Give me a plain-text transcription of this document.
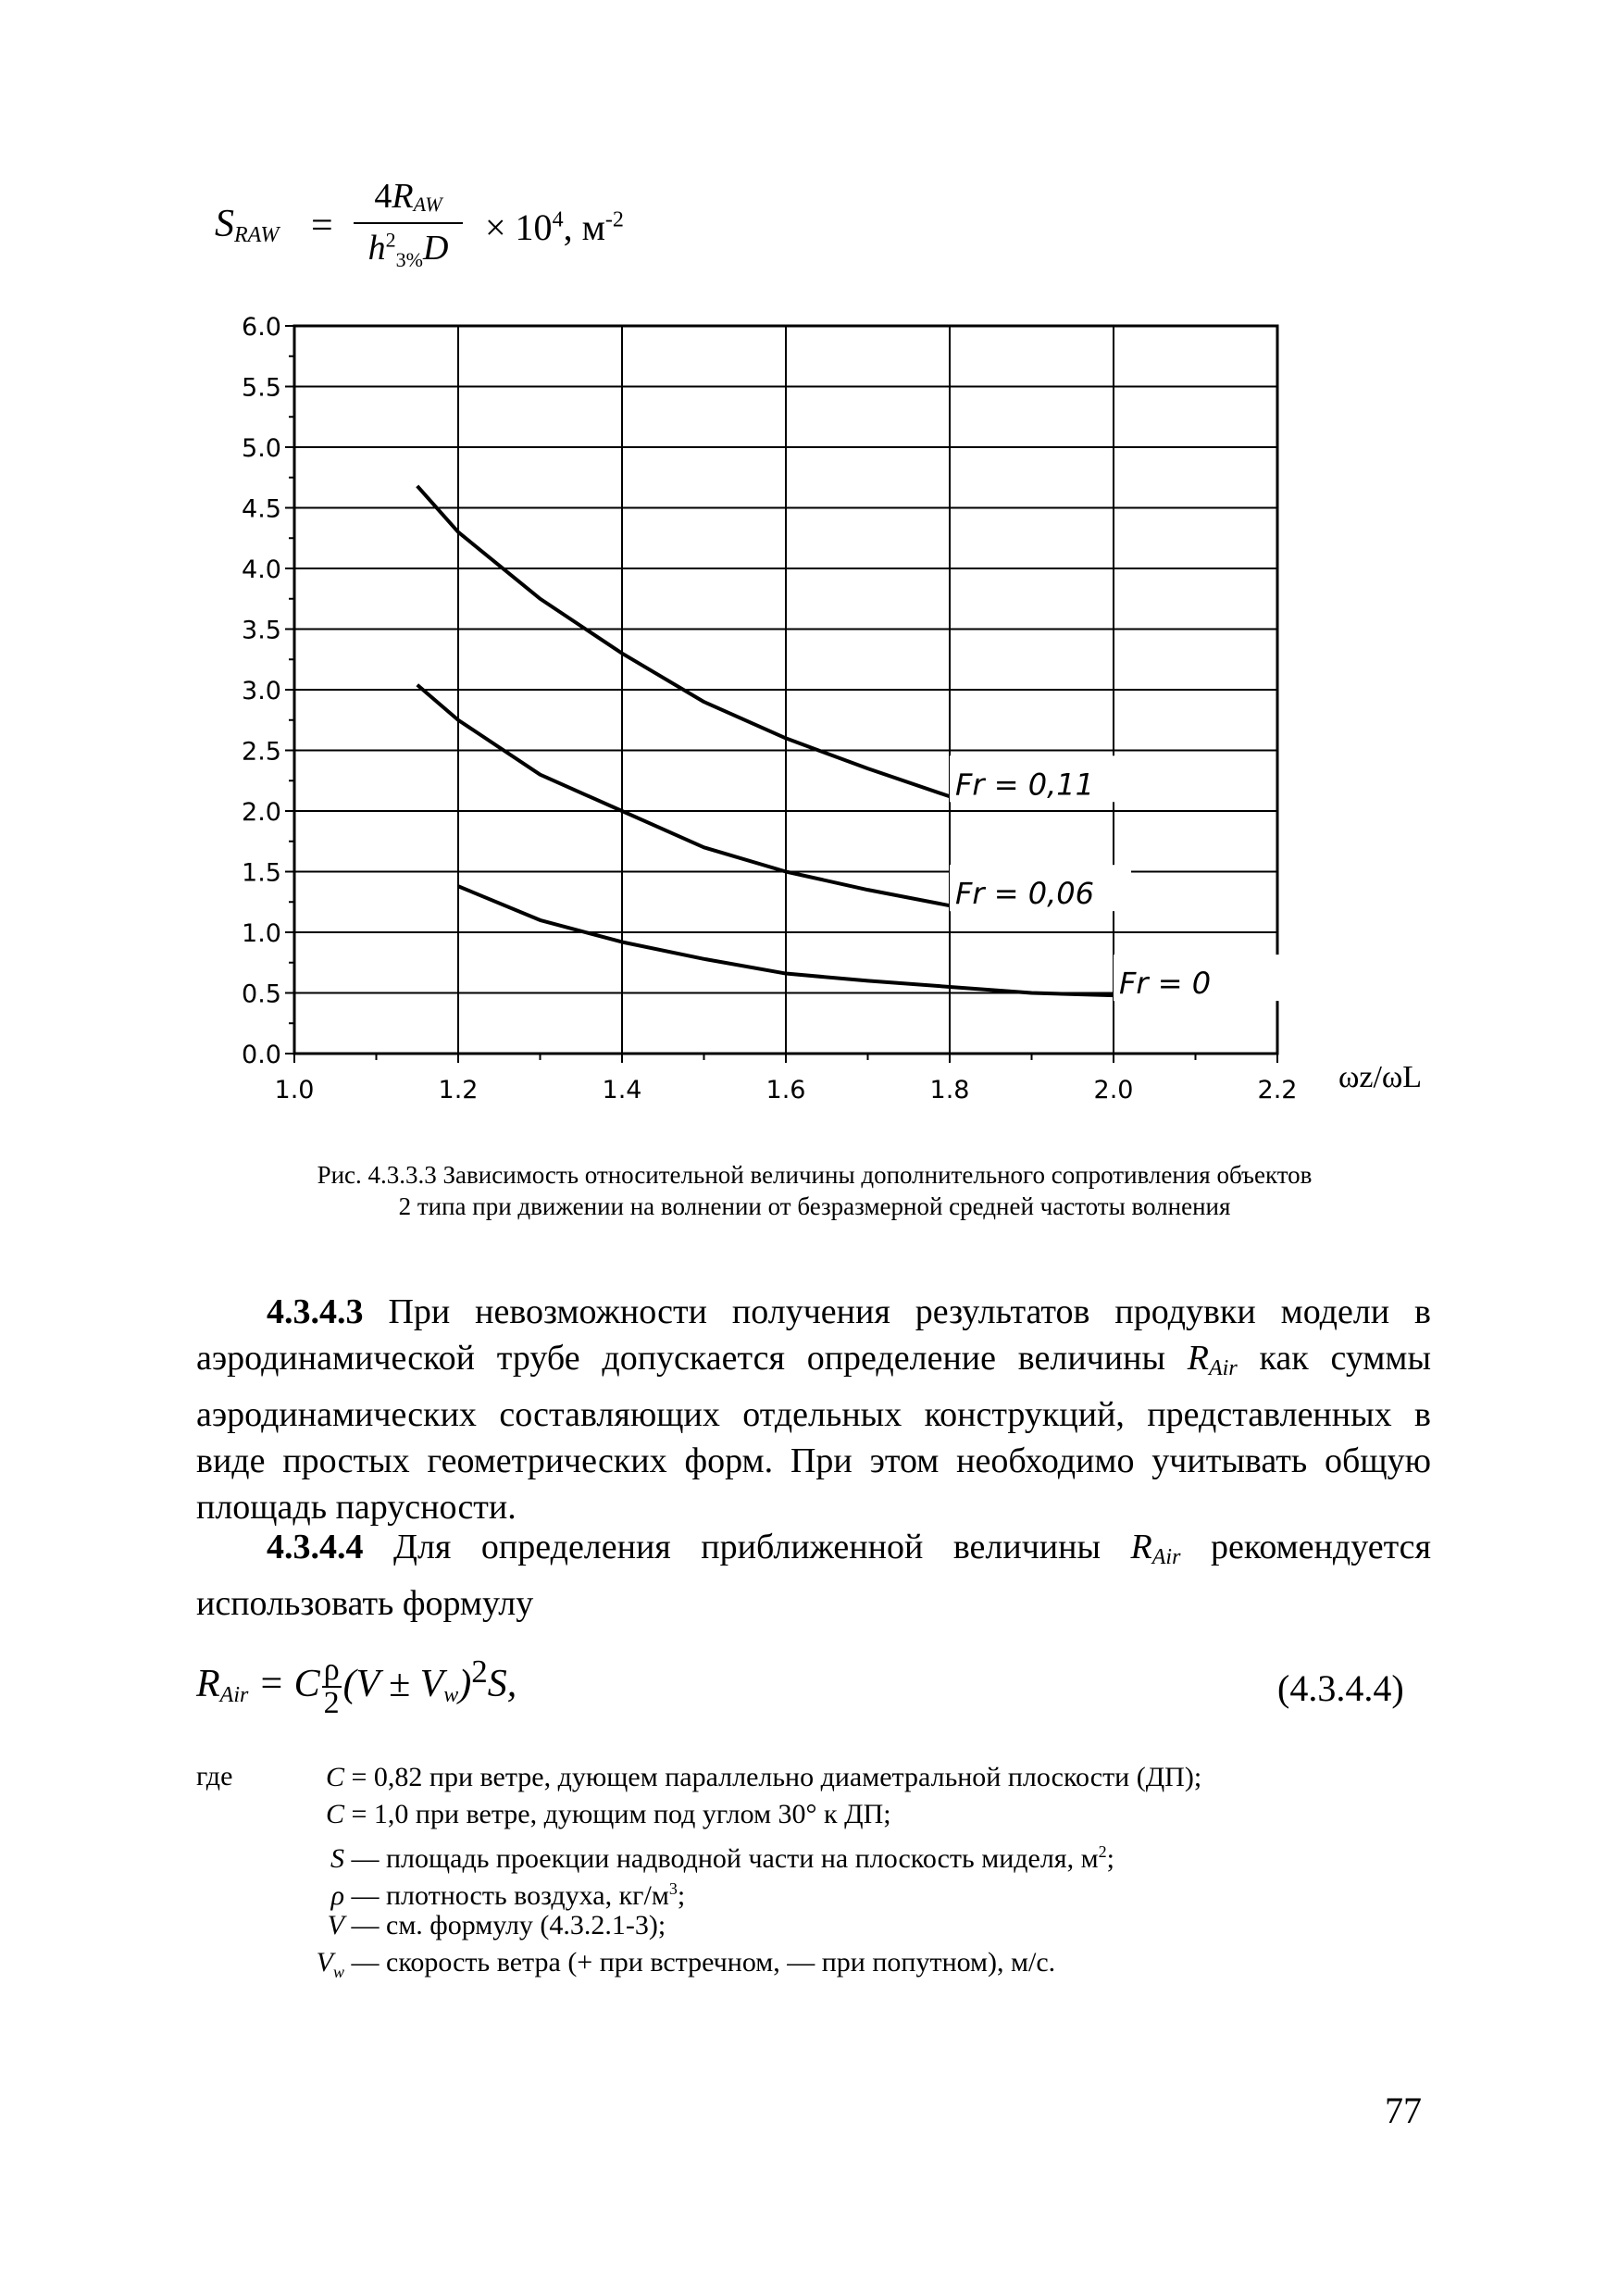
$S_{RAW}$ =
$4R_{AW}$
$h^2_{3\%}D \times 10^4$, $м^{-2}$
0.0
0.5
1.0
1.5
2.0
2.5
3.0
3.5
4.0
4.5
5.0
5.5
6.0
1.0	1.2	1.4	1.6	1.8	2.0	2.2 ωz/ωL
Fr = 0,11
Fr = 0,06
Fr = 0
Рис. 4.3.3.3 Зависимость относительной величины дополнительного сопротивления объектов
2 типа при движении на волнении от безразмерной средней частоты волнения
4.3.4.3 При невозможности получения результатов продувки модели в аэродинамической трубе допускается определение величины $R_{Air}$ как суммы аэродинамических составляющих отдельных конструкций, представленных в виде простых геометрических форм. При этом необходимо учитывать общую площадь парусности.
4.3.4.4 Для определения приближенной величины $R_{Air}$ рекомендуется использовать формулу
$R_{Air} = C \frac{\rho}{2} (V \pm V_w)^2S$,	(4.3.4.4)
где	C = 0,82 при ветре, дующем параллельно диаметральной плоскости (ДП);
C = 1,0 при ветре, дующим под углом 30° к ДП;
S — площадь проекции надводной части на плоскость миделя, $м^2$;
ρ — плотность воздуха, $кг/м^3$;
V — см. формулу (4.3.2.1-3);
$V_w$ — скорость ветра (+ при встречном, — при попутном), м/с.
77
